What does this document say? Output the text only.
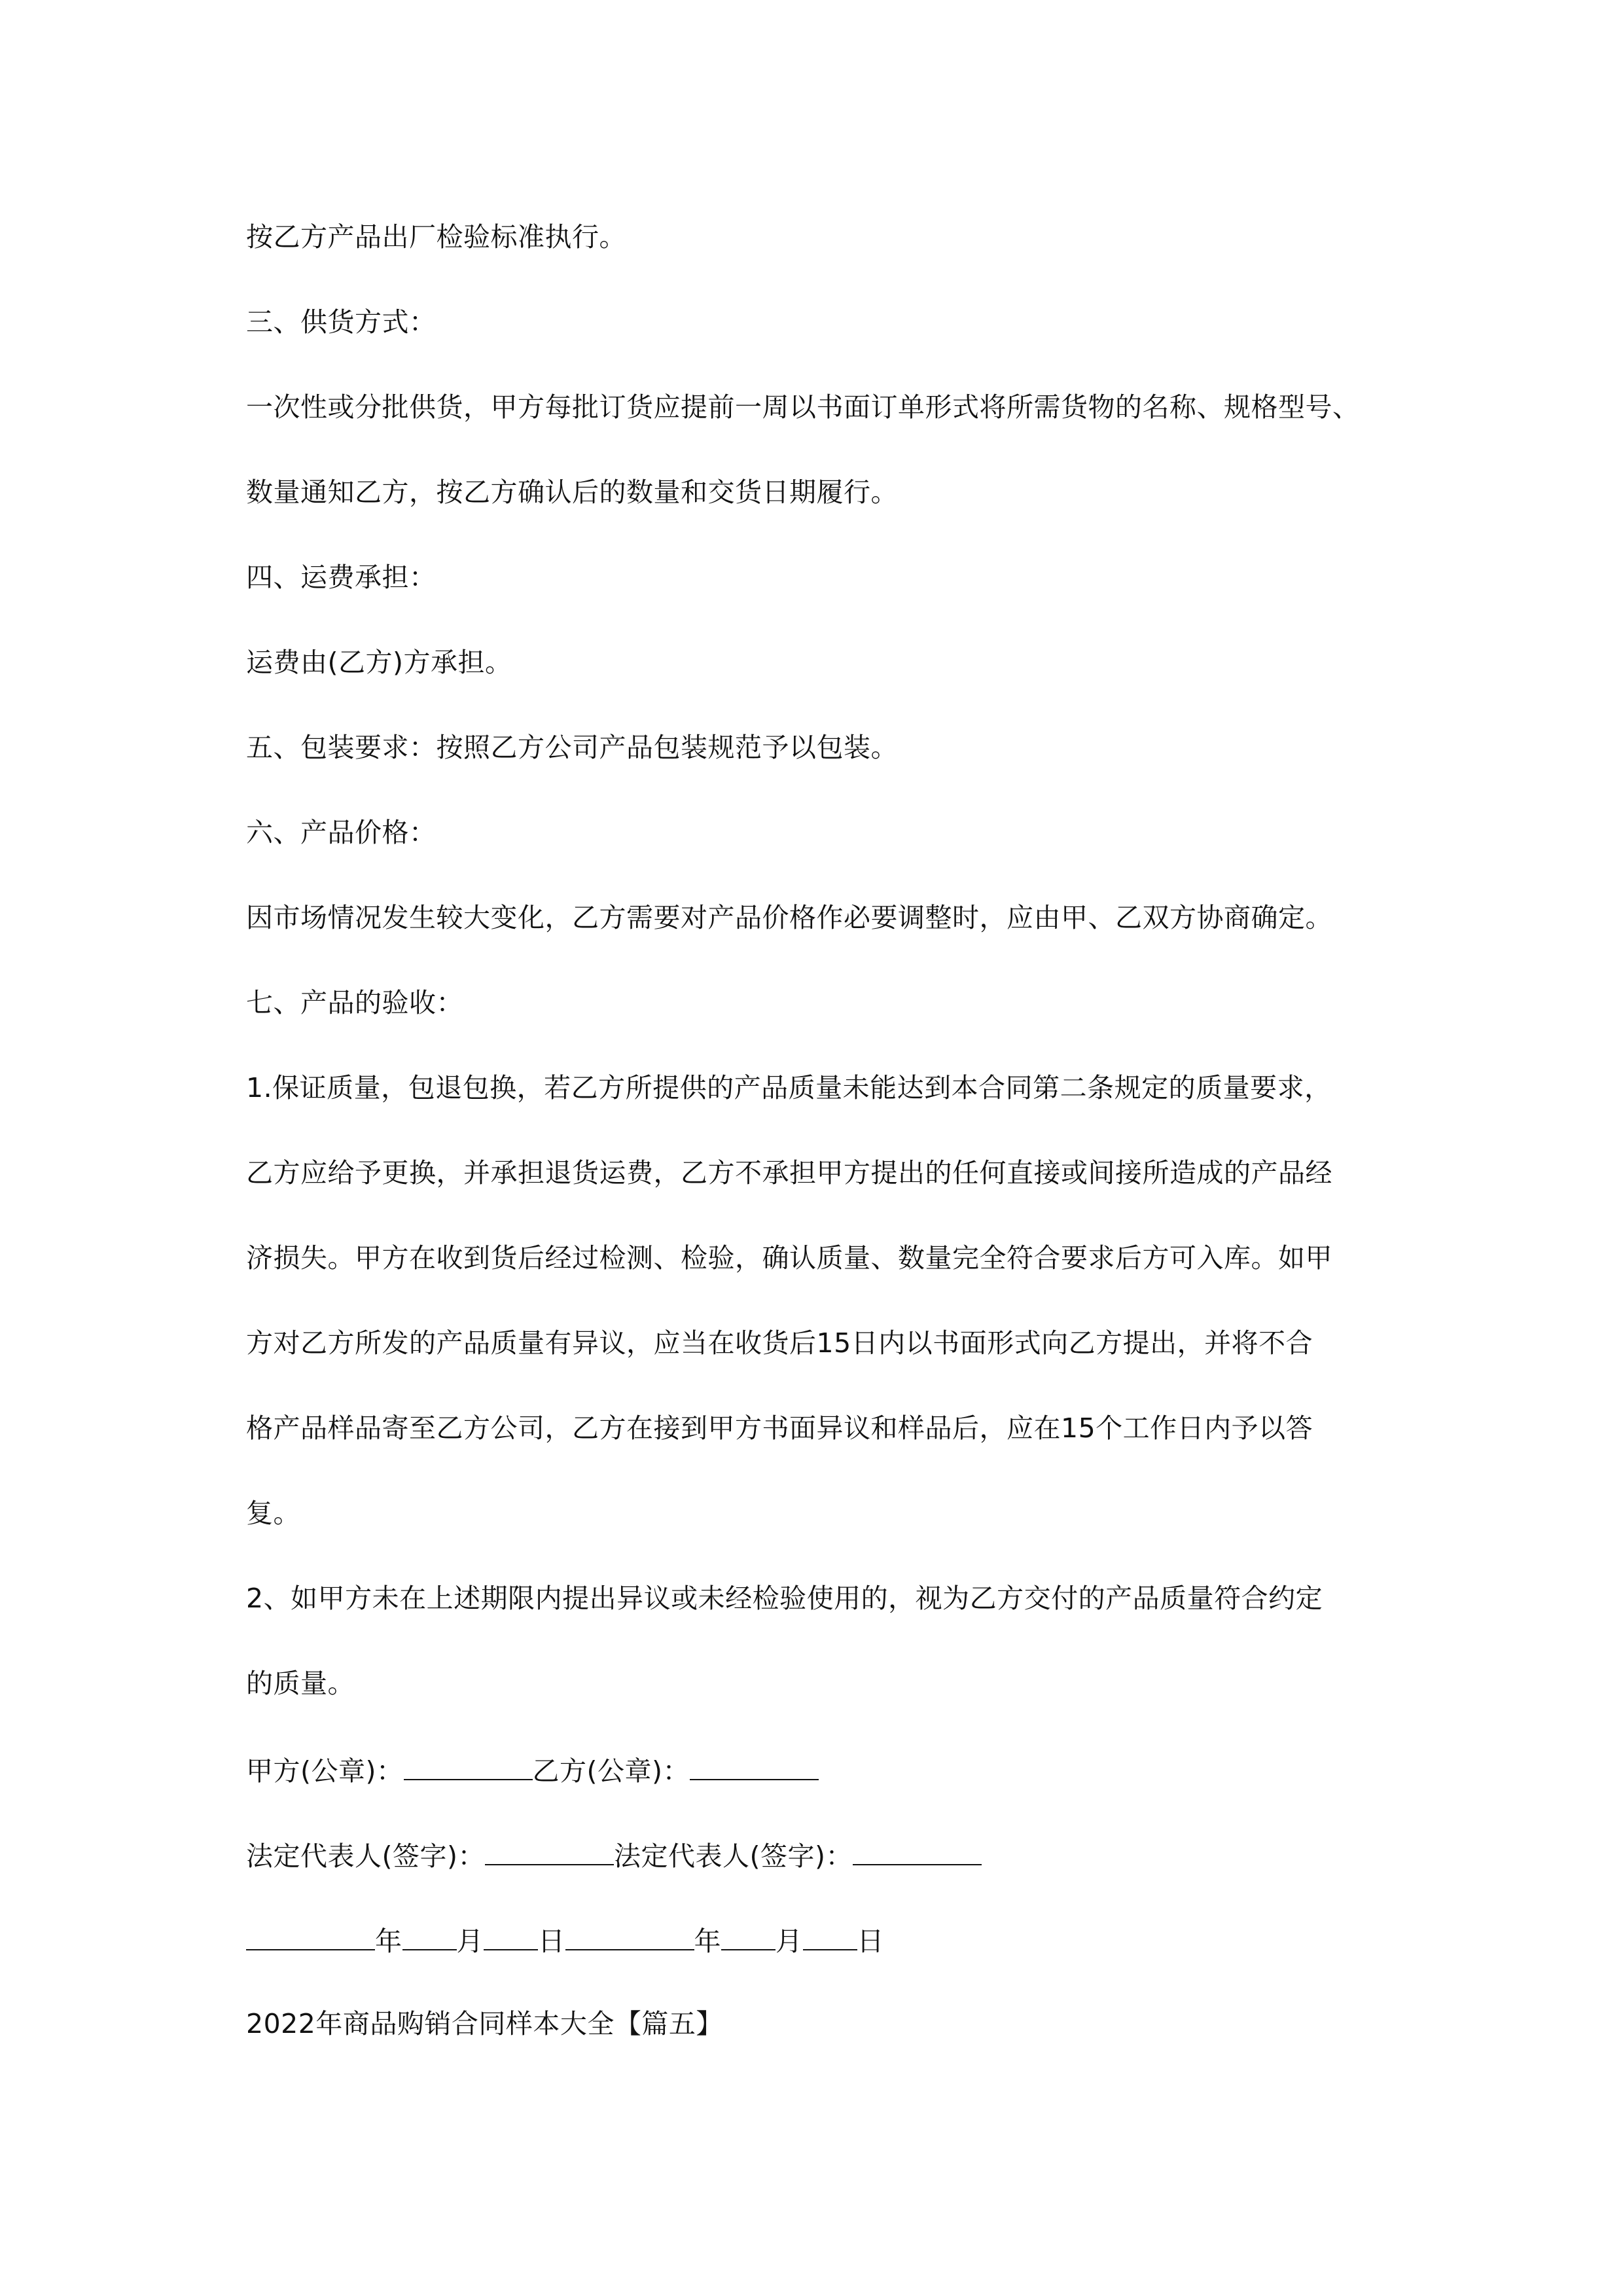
按乙方产品出厂检验标准执行。
三、供货方式：
一次性或分批供货，甲方每批订货应提前一周以书面订单形式将所需货物的名称、规格型号、
数量通知乙方，按乙方确认后的数量和交货日期履行。
四、运费承担：
运费由(乙方)方承担。
五、包装要求：按照乙方公司产品包装规范予以包装。
六、产品价格：
因市场情况发生较大变化，乙方需要对产品价格作必要调整时，应由甲、乙双方协商确定。
七、产品的验收：
1.保证质量，包退包换，若乙方所提供的产品质量未能达到本合同第二条规定的质量要求，
乙方应给予更换，并承担退货运费，乙方不承担甲方提出的任何直接或间接所造成的产品经
济损失。甲方在收到货后经过检测、检验，确认质量、数量完全符合要求后方可入库。如甲
方对乙方所发的产品质量有异议，应当在收货后15日内以书面形式向乙方提出，并将不合
格产品样品寄至乙方公司，乙方在接到甲方书面异议和样品后，应在15个工作日内予以答
复。
2、如甲方未在上述期限内提出异议或未经检验使用的，视为乙方交付的产品质量符合约定
的质量。
甲方(公章)：	乙方(公章)：
法定代表人(签字)：	法定代表人(签字)：
年 月 日	年 月 日
2022年商品购销合同样本大全【篇五】
